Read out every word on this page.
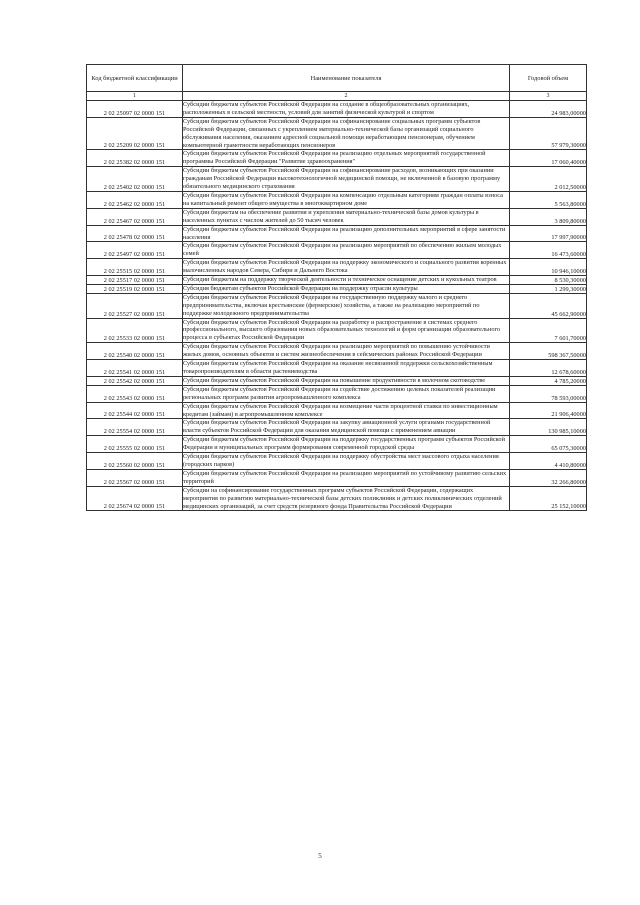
Код бюджетной классификации	Наименование показателя	Годовой объем
1	2	3
2 02 25097 02 0000 151	Субсидии бюджетам субъектов Российской Федерации на создание в общеобразовательных организациях, расположенных в сельской местности, условий для занятий физической культурой и спортом	24 983,00000
2 02 25209 02 0000 151	Субсидии бюджетам субъектов Российской Федерации на софинансирование социальных программ субъектов Российской Федерации, связанных с укреплением материально-технической базы организаций социального обслуживания населения, оказанием адресной социальной помощи неработающим пенсионерам, обучением компьютерной грамотности неработающих пенсионеров	57 979,30000
2 02 25382 02 0000 151	Субсидии бюджетам субъектов Российской Федерации на реализацию отдельных мероприятий государственной программы Российской Федерации "Развитие здравоохранения"	17 060,40000
2 02 25402 02 0000 151	Субсидии бюджетам субъектов Российской Федерации на софинансирование расходов, возникающих при оказании гражданам Российской Федерации высокотехнологичной медицинской помощи, не включенной в базовую программу обязательного медицинского страхования	2 012,50000
2 02 25462 02 0000 151	Субсидии бюджетам субъектов Российской Федерации на компенсацию отдельным категориям граждан оплаты взноса на капитальный ремонт общего имущества в многоквартирном доме	5 563,80000
2 02 25467 02 0000 151	Субсидии бюджетам на обеспечение развития и укрепления материально-технической базы домов культуры в населенных пунктах с числом жителей до 50 тысяч человек	3 809,80000
2 02 25478 02 0000 151	Субсидии бюджетам субъектов Российской Федерации на реализацию дополнительных мероприятий в сфере занятости населения	17 997,90000
2 02 25497 02 0000 151	Субсидии бюджетам субъектов Российской Федерации на реализацию мероприятий по обеспечению жильем молодых семей	16 473,60000
2 02 25515 02 0000 151	Субсидии бюджетам субъектов Российской Федерации на поддержку экономического и социального развития коренных малочисленных народов Севера, Сибири и Дальнего Востока	10 946,10000
2 02 25517 02 0000 151	Субсидии бюджетам на поддержку творческой деятельности и техническое оснащение детских и кукольных театров	8 530,30000
2 02 25519 02 0000 151	Субсидия бюджетам субъектов Российской Федерации на поддержку отрасли культуры	1 299,30000
2 02 25527 02 0000 151	Субсидии бюджетам субъектов Российской Федерации на государственную поддержку малого и среднего предпринимательства, включая крестьянские (фермерские) хозяйства, а также на реализацию мероприятий по поддержке молодежного предпринимательства	45 662,90000
2 02 25533 02 0000 151	Субсидии бюджетам субъектов Российской Федерации на разработку и распространение в системах среднего профессионального, высшего образования новых образовательных технологий и форм организации образовательного процесса в субъектах Российской Федерации	7 601,70000
2 02 25540 02 0000 151	Субсидии бюджетам субъектов Российской Федерации на реализацию мероприятий по повышению устойчивости жилых домов, основных объектов и систем жизнеобеспечения в сейсмических районах Российской Федерации	598 367,50000
2 02 25541 02 0000 151	Субсидии бюджетам субъектов Российской Федерации на оказание несвязанной поддержки сельскохозяйственным товаропроизводителям в области растениеводства	12 678,60000
2 02 25542 02 0000 151	Субсидии бюджетам субъектов Российской Федерации на повышение продуктивности в молочном скотоводстве	4 785,20000
2 02 25543 02 0000 151	Субсидии бюджетам субъектов Российской Федерации на содействие достижению целевых показателей реализации региональных программ развития агропромышленного комплекса	78 593,00000
2 02 25544 02 0000 151	Субсидии бюджетам субъектов Российской Федерации на возмещение части процентной ставки по инвестиционным кредитам (займам) в агропромышленном комплексе	21 906,40000
2 02 25554 02 0000 151	Субсидии бюджетам субъектов Российской Федерации на закупку авиационной услуги органами государственной власти субъектов Российской Федерации для оказания медицинской помощи с применением авиации	130 985,10000
2 02 25555 02 0000 151	Субсидии бюджетам субъектов Российской Федерации на поддержку государственных программ субъектов Российской Федерации и муниципальных программ формирования современной городской среды	65 075,30000
2 02 25560 02 0000 151	Субсидии бюджетам субъектов Российской Федерации на поддержку обустройства мест массового отдыха населения (городских парков)	4 410,80000
2 02 25567 02 0000 151	Субсидии бюджетам субъектов Российской Федерации на реализацию мероприятий по устойчивому развитию сельских территорий	32 266,80000
2 02 25674 02 0000 151	Субсидии на софинансирование государственных программ субъектов Российской Федерации, содержащих мероприятия по развитию материально-технической базы детских поликлиник и детских поликлинических отделений медицинских организаций, за счет средств резервного фонда Правительства Российской Федерации	25 152,10000
5
